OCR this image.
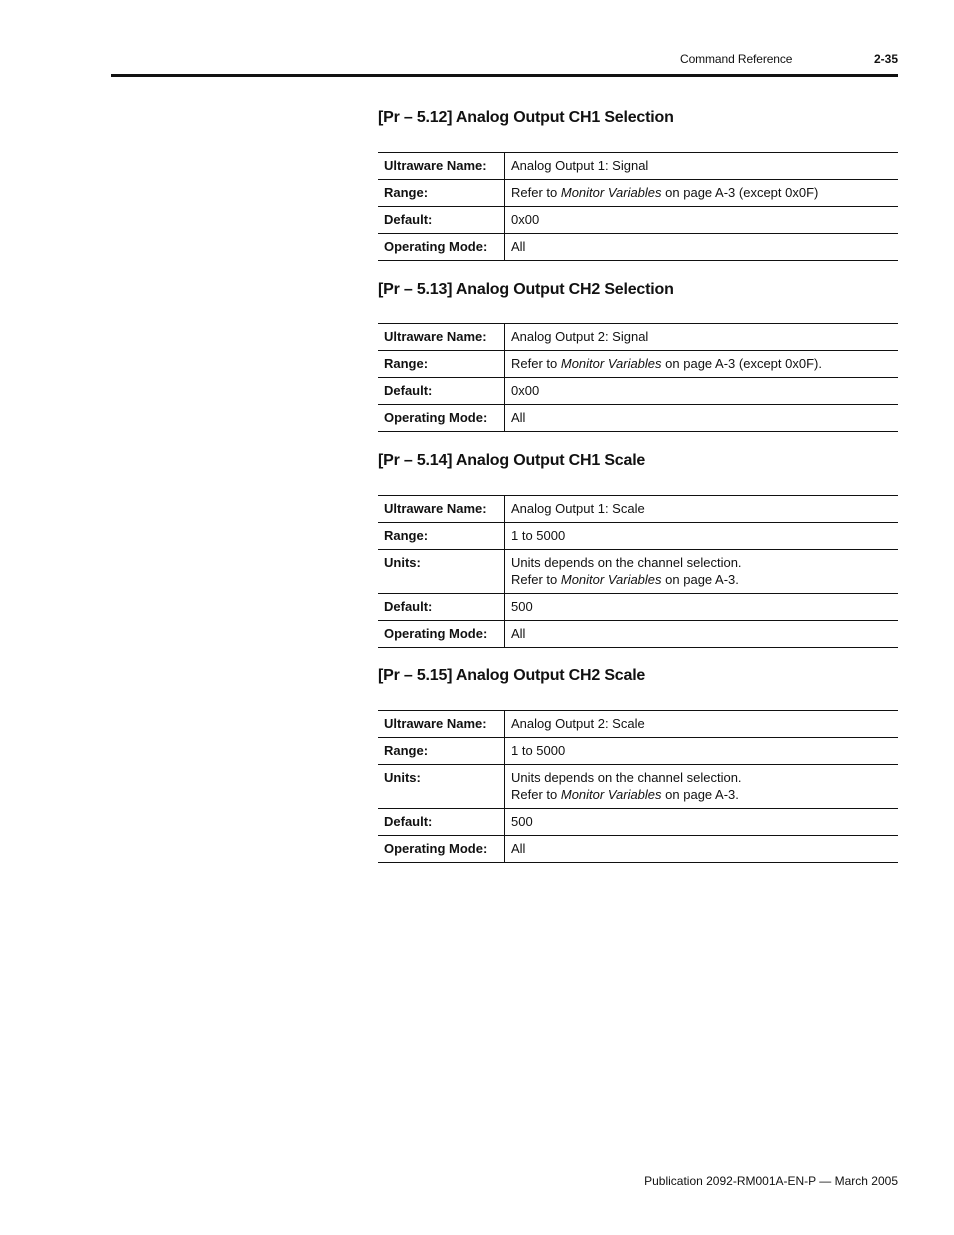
Command Reference	2-35
[Pr – 5.12] Analog Output CH1 Selection
Ultraware Name:	Analog Output 1: Signal
Range:	Refer to Monitor Variables on page A-3 (except 0x0F)
Default:	0x00
Operating Mode:	All
[Pr – 5.13] Analog Output CH2 Selection
Ultraware Name:	Analog Output 2: Signal
Range:	Refer to Monitor Variables on page A-3 (except 0x0F).
Default:	0x00
Operating Mode:	All
[Pr – 5.14] Analog Output CH1 Scale
Ultraware Name:	Analog Output 1: Scale
Range:	1 to 5000
Units:	Units depends on the channel selection.
Refer to Monitor Variables on page A-3.
Default:	500
Operating Mode:	All
[Pr – 5.15] Analog Output CH2 Scale
Ultraware Name:	Analog Output 2: Scale
Range:	1 to 5000
Units:	Units depends on the channel selection.
Refer to Monitor Variables on page A-3.
Default:	500
Operating Mode:	All
Publication 2092-RM001A-EN-P — March 2005
